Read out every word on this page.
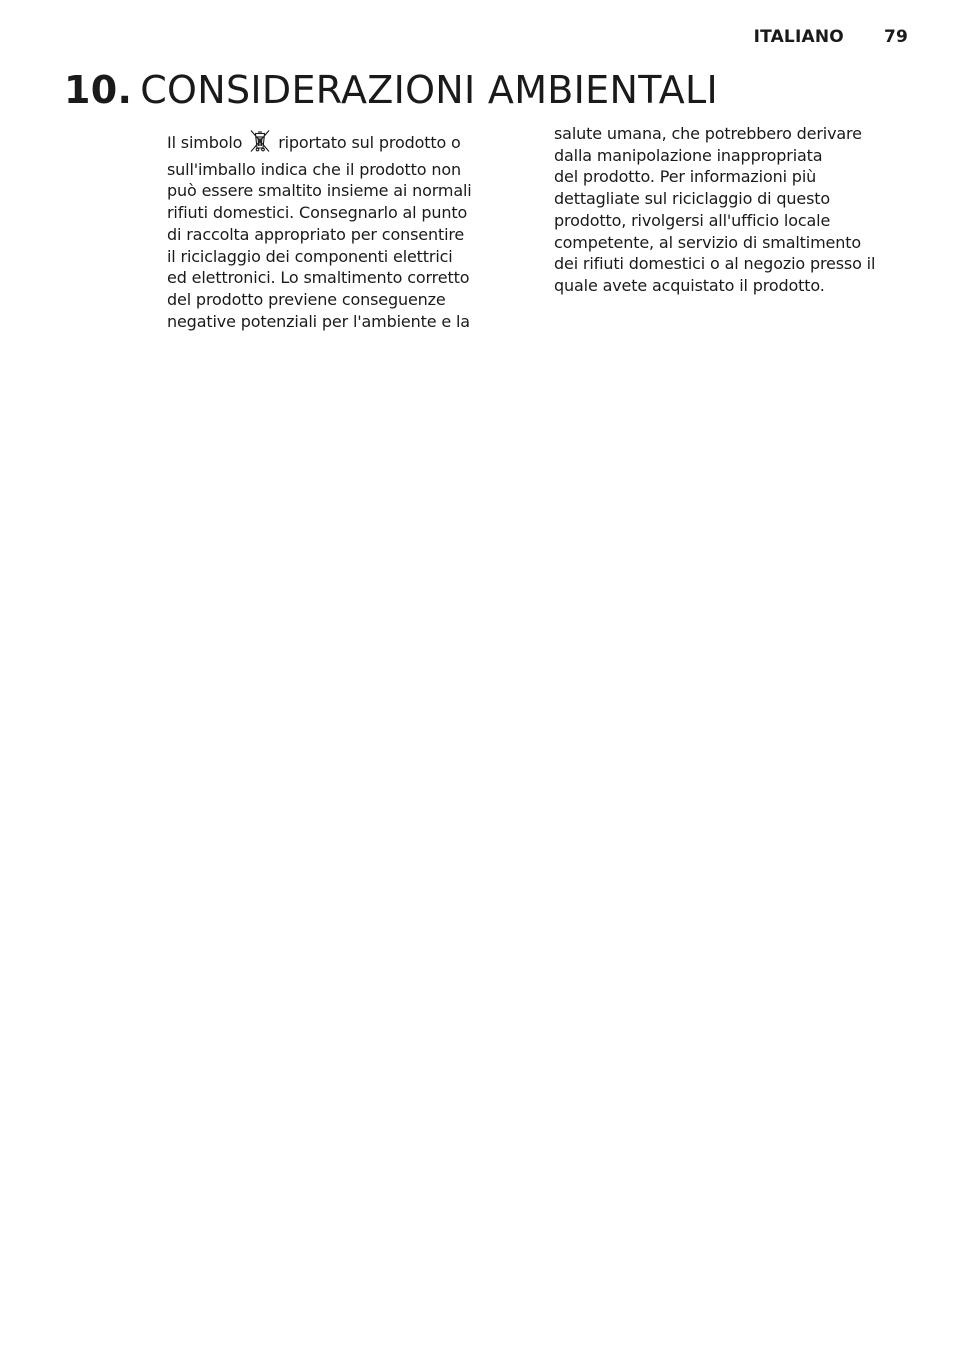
ITALIANO 79
10. CONSIDERAZIONI AMBIENTALI
Il simbolo riportato sul prodotto o
sull'imballo indica che il prodotto non
può essere smaltito insieme ai normali
rifiuti domestici. Consegnarlo al punto
di raccolta appropriato per consentire
il riciclaggio dei componenti elettrici
ed elettronici. Lo smaltimento corretto
del prodotto previene conseguenze
negative potenziali per l'ambiente e la
salute umana, che potrebbero derivare
dalla manipolazione inappropriata
del prodotto. Per informazioni più
dettagliate sul riciclaggio di questo
prodotto, rivolgersi all'ufficio locale
competente, al servizio di smaltimento
dei rifiuti domestici o al negozio presso il
quale avete acquistato il prodotto.
